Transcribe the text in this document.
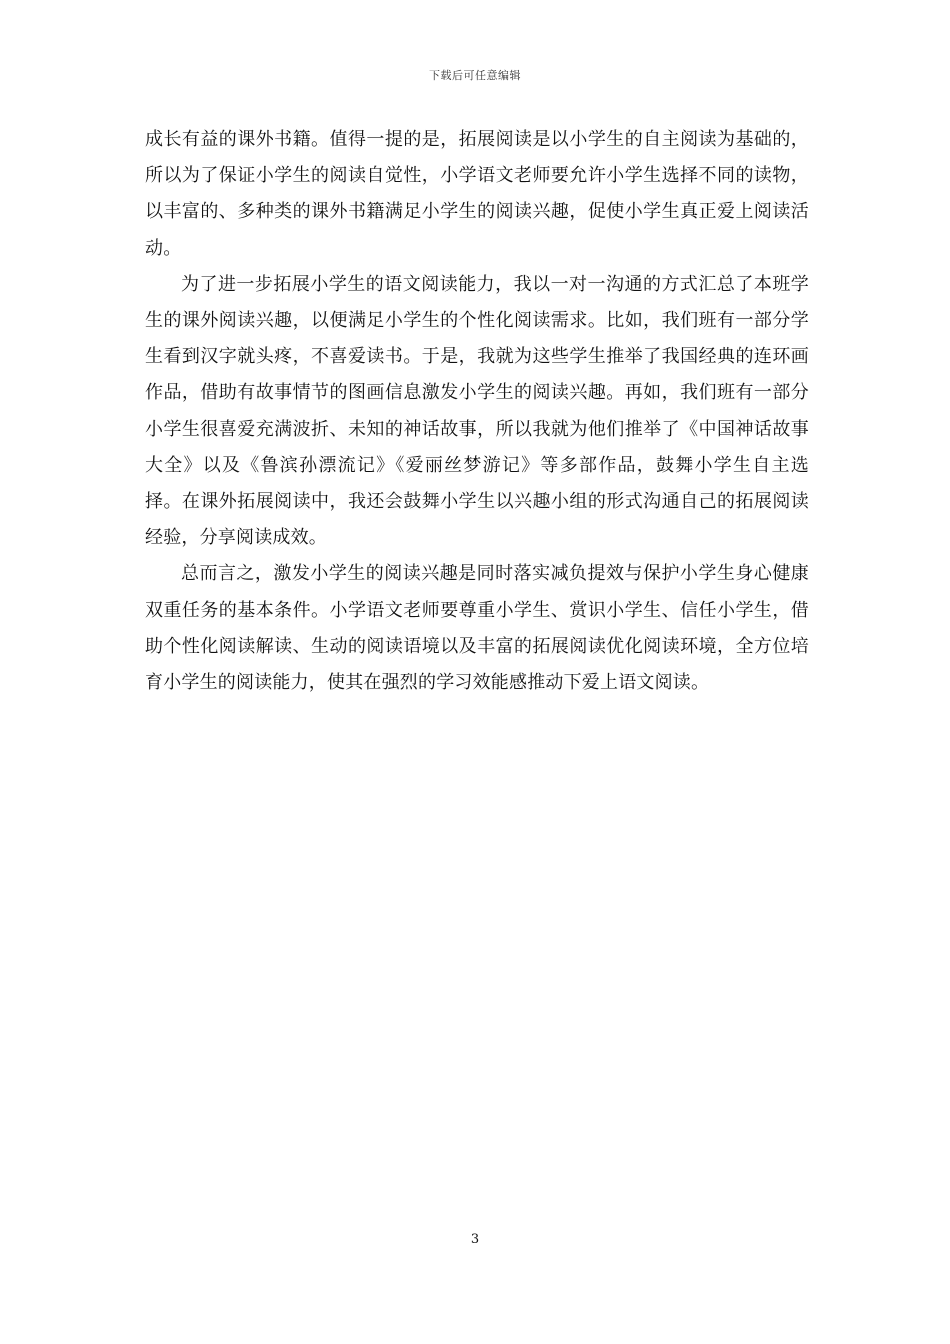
下载后可任意编辑

成长有益的课外书籍。值得一提的是，拓展阅读是以小学生的自主阅读为基础的，所以为了保证小学生的阅读自觉性，小学语文老师要允许小学生选择不同的读物，以丰富的、多种类的课外书籍满足小学生的阅读兴趣，促使小学生真正爱上阅读活动。

为了进一步拓展小学生的语文阅读能力，我以一对一沟通的方式汇总了本班学生的课外阅读兴趣，以便满足小学生的个性化阅读需求。比如，我们班有一部分学生看到汉字就头疼，不喜爱读书。于是，我就为这些学生推举了我国经典的连环画作品，借助有故事情节的图画信息激发小学生的阅读兴趣。再如，我们班有一部分小学生很喜爱充满波折、未知的神话故事，所以我就为他们推举了《中国神话故事大全》以及《鲁滨孙漂流记》《爱丽丝梦游记》等多部作品，鼓舞小学生自主选择。在课外拓展阅读中，我还会鼓舞小学生以兴趣小组的形式沟通自己的拓展阅读经验，分享阅读成效。

总而言之，激发小学生的阅读兴趣是同时落实减负提效与保护小学生身心健康双重任务的基本条件。小学语文老师要尊重小学生、赏识小学生、信任小学生，借助个性化阅读解读、生动的阅读语境以及丰富的拓展阅读优化阅读环境，全方位培育小学生的阅读能力，使其在强烈的学习效能感推动下爱上语文阅读。

3
